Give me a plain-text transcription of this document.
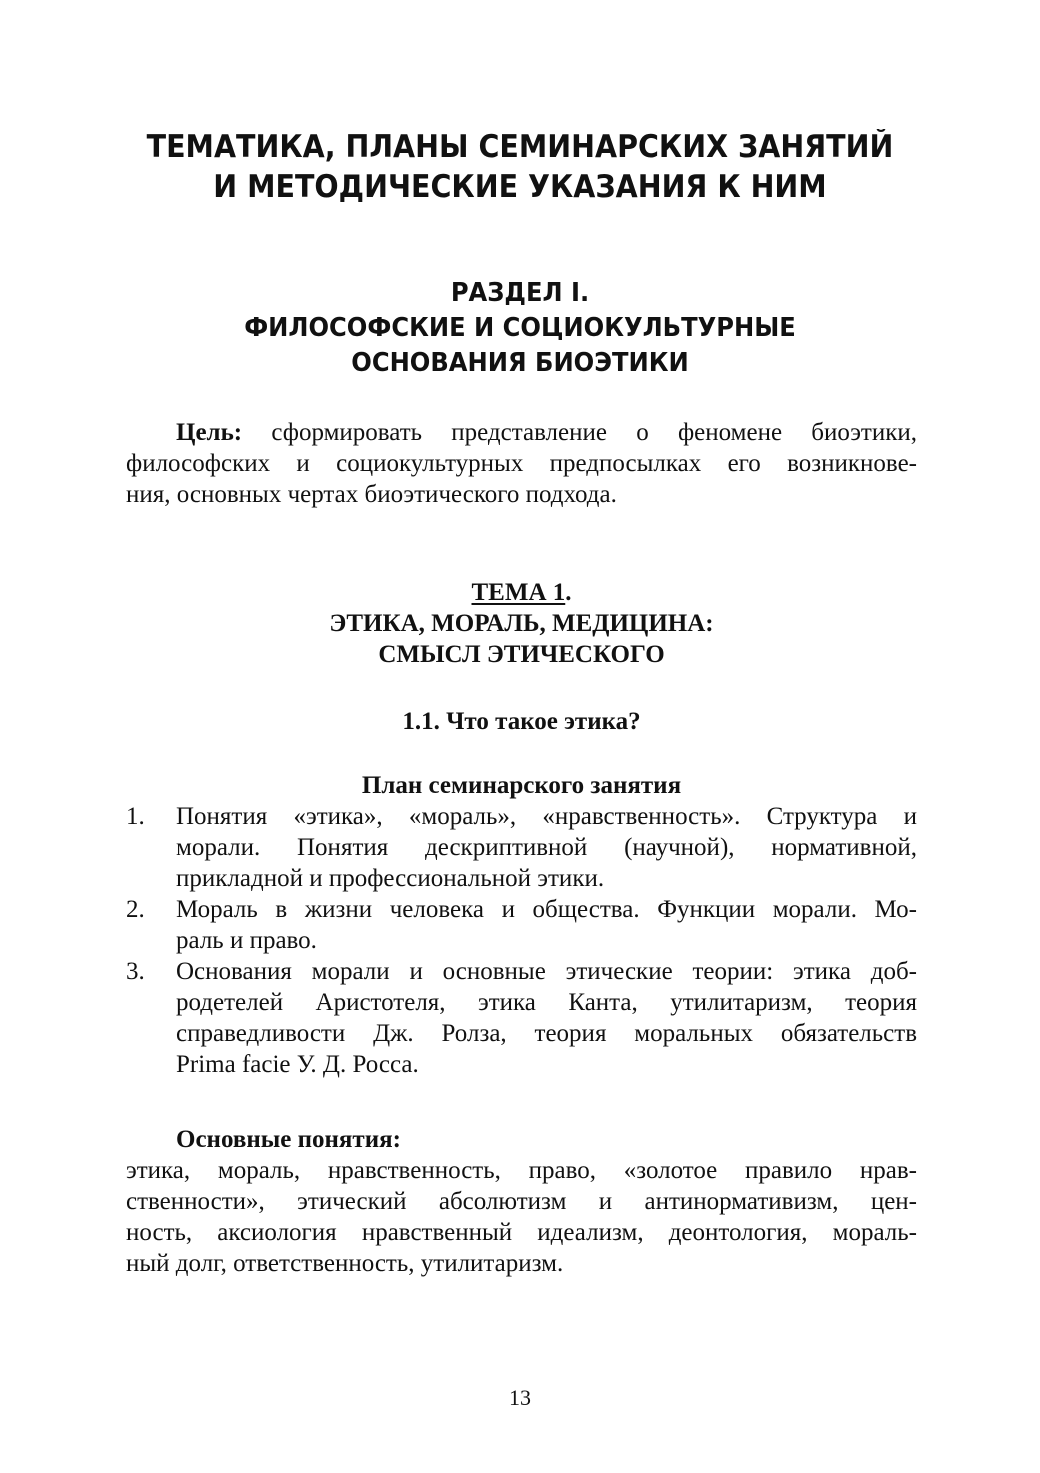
ТЕМАТИКА, ПЛАНЫ СЕМИНАРСКИХ ЗАНЯТИЙ
И МЕТОДИЧЕСКИЕ УКАЗАНИЯ К НИМ
РАЗДЕЛ I.
ФИЛОСОФСКИЕ И СОЦИОКУЛЬТУРНЫЕ
ОСНОВАНИЯ БИОЭТИКИ
Цель: сформировать представление о феномене биоэтики,
философских и социокультурных предпосылках его возникнове-
ния, основных чертах биоэтического подхода.
ТЕМА 1.
ЭТИКА, МОРАЛЬ, МЕДИЦИНА:
СМЫСЛ ЭТИЧЕСКОГО
1.1. Что такое этика?
План семинарского занятия
1. Понятия «этика», «мораль», «нравственность». Структура и
морали. Понятия дескриптивной (научной), нормативной,
прикладной и профессиональной этики.
2. Мораль в жизни человека и общества. Функции морали. Мо-
раль и право.
3. Основания морали и основные этические теории: этика доб-
родетелей Аристотеля, этика Канта, утилитаризм, теория
справедливости Дж. Ролза, теория моральных обязательств
Prima facie У. Д. Росса.
Основные понятия:
этика, мораль, нравственность, право, «золотое правило нрав-
ственности», этический абсолютизм и антинормативизм, цен-
ность, аксиология нравственный идеализм, деонтология, мораль-
ный долг, ответственность, утилитаризм.
13
